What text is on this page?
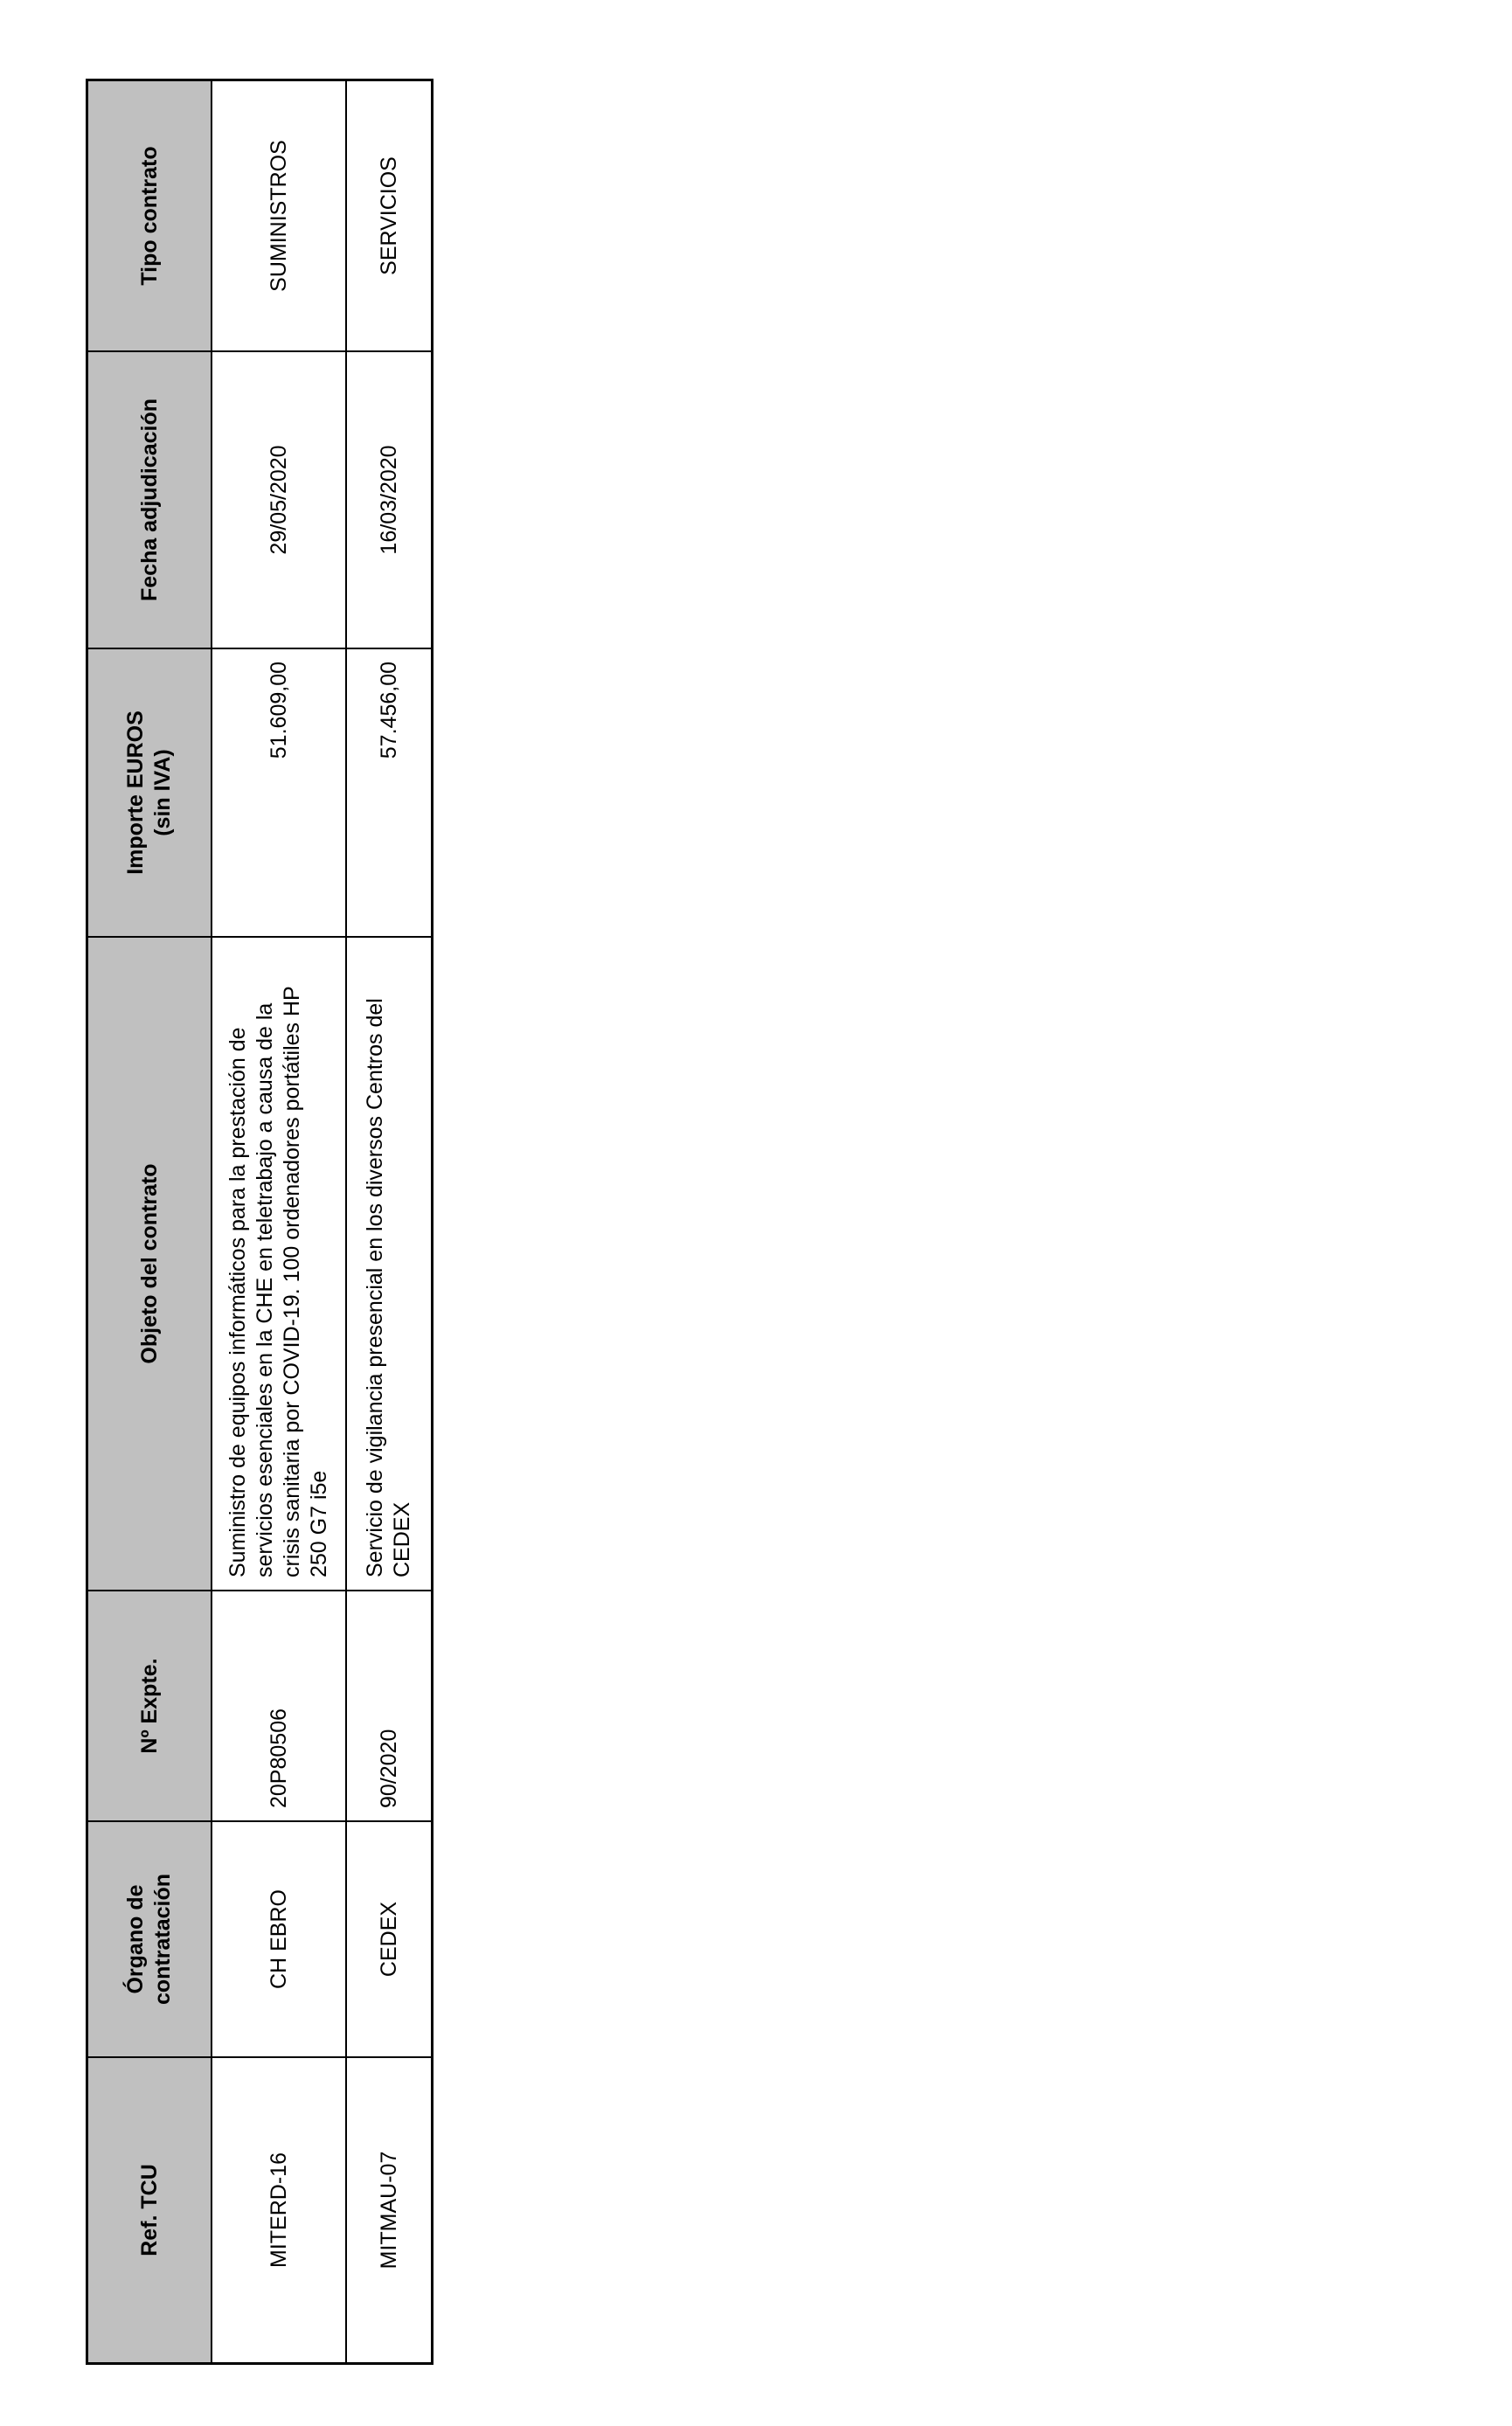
Ref. TCU	Órgano de contratación	Nº Expte.	Objeto del contrato	Importe EUROS (sin IVA)	Fecha adjudicación	Tipo contrato
MITERD-16	CH EBRO	20P80506	Suministro de equipos informáticos para la prestación de servicios esenciales en la CHE en teletrabajo a causa de la crisis sanitaria por COVID-19. 100 ordenadores portátiles HP 250 G7 i5e	51.609,00	29/05/2020	SUMINISTROS
MITMAU-07	CEDEX	90/2020	Servicio de vigilancia presencial en los diversos Centros del CEDEX	57.456,00	16/03/2020	SERVICIOS
